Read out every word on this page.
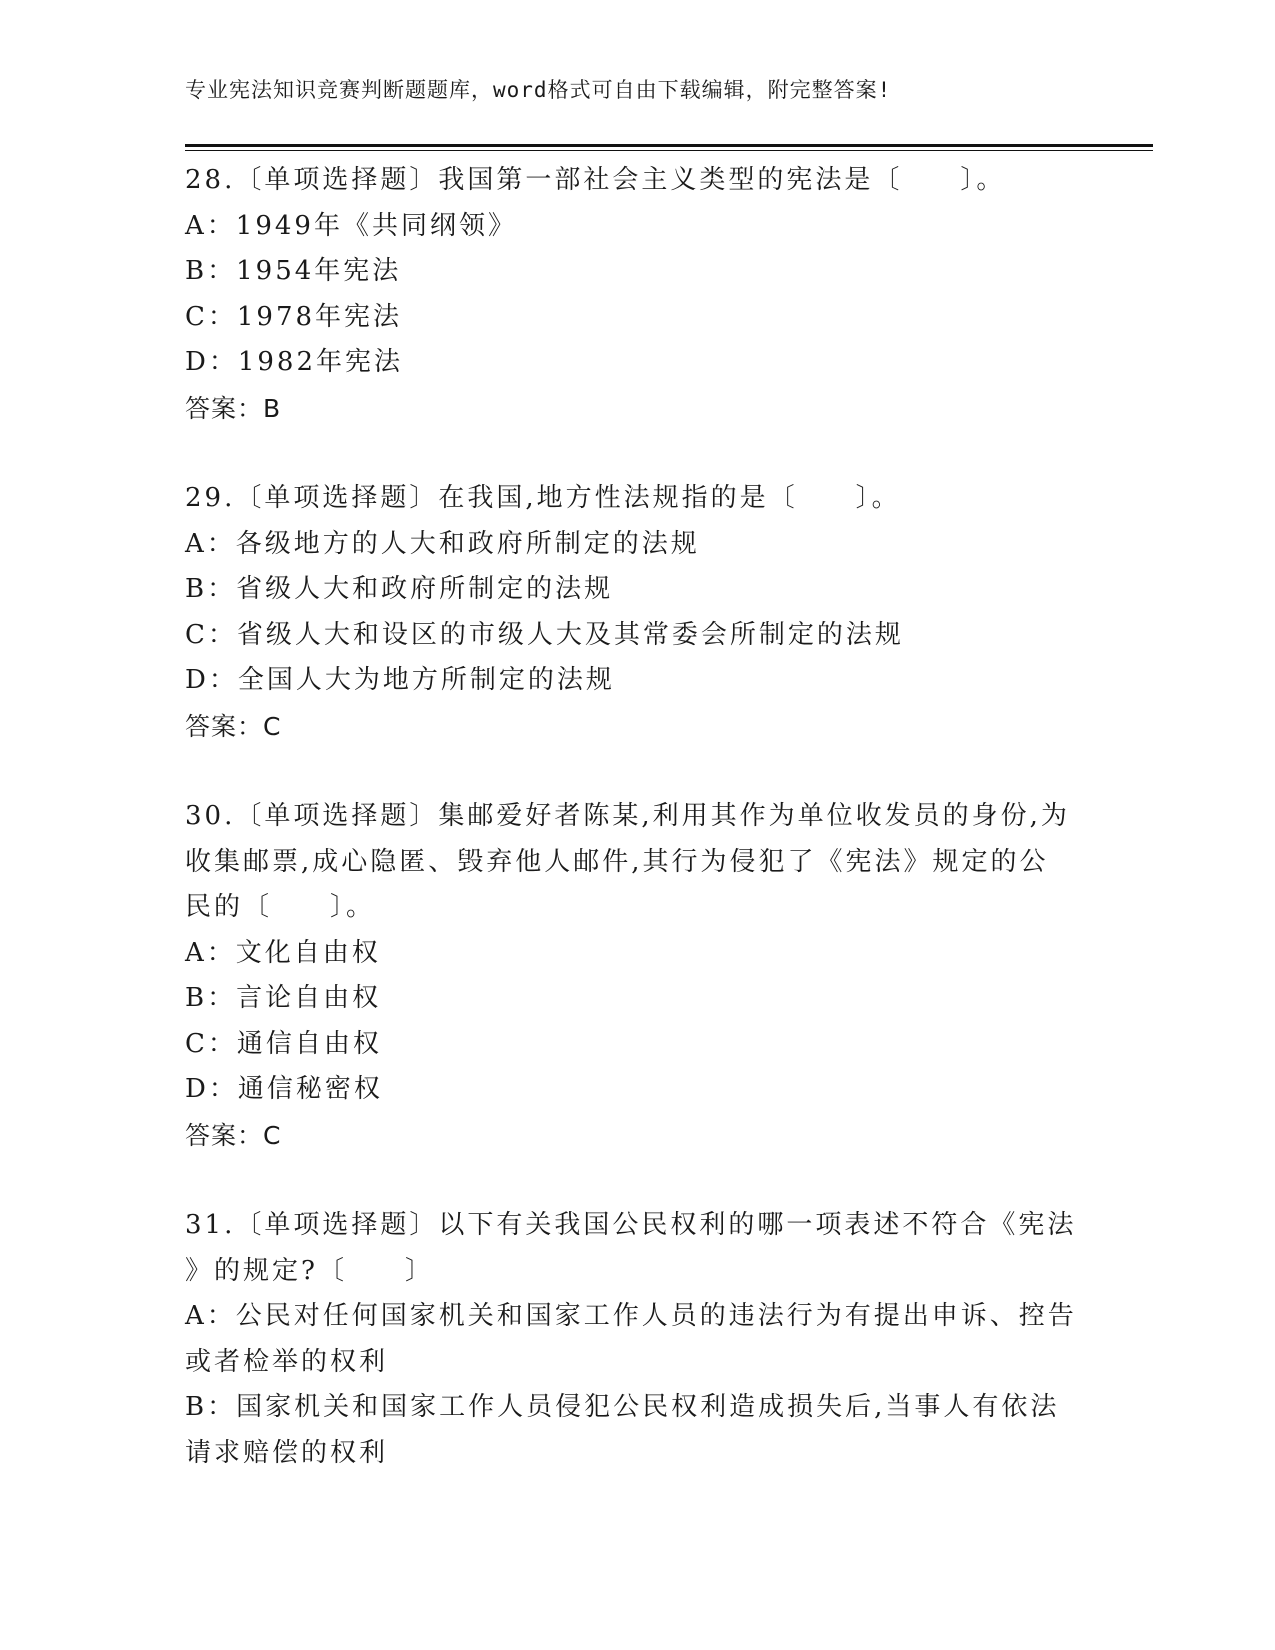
专业宪法知识竞赛判断题题库，word格式可自由下载编辑，附完整答案!
28.〔单项选择题〕我国第一部社会主义类型的宪法是〔　　〕。
A：1949年《共同纲领》
B：1954年宪法
C：1978年宪法
D：1982年宪法
答案：B
29.〔单项选择题〕在我国,地方性法规指的是〔　　〕。
A：各级地方的人大和政府所制定的法规
B：省级人大和政府所制定的法规
C：省级人大和设区的市级人大及其常委会所制定的法规
D：全国人大为地方所制定的法规
答案：C
30.〔单项选择题〕集邮爱好者陈某,利用其作为单位收发员的身份,为
收集邮票,成心隐匿、毁弃他人邮件,其行为侵犯了《宪法》规定的公
民的〔　　〕。
A：文化自由权
B：言论自由权
C：通信自由权
D：通信秘密权
答案：C
31.〔单项选择题〕以下有关我国公民权利的哪一项表述不符合《宪法
》的规定?〔　　〕
A：公民对任何国家机关和国家工作人员的违法行为有提出申诉、控告
或者检举的权利
B：国家机关和国家工作人员侵犯公民权利造成损失后,当事人有依法
请求赔偿的权利
